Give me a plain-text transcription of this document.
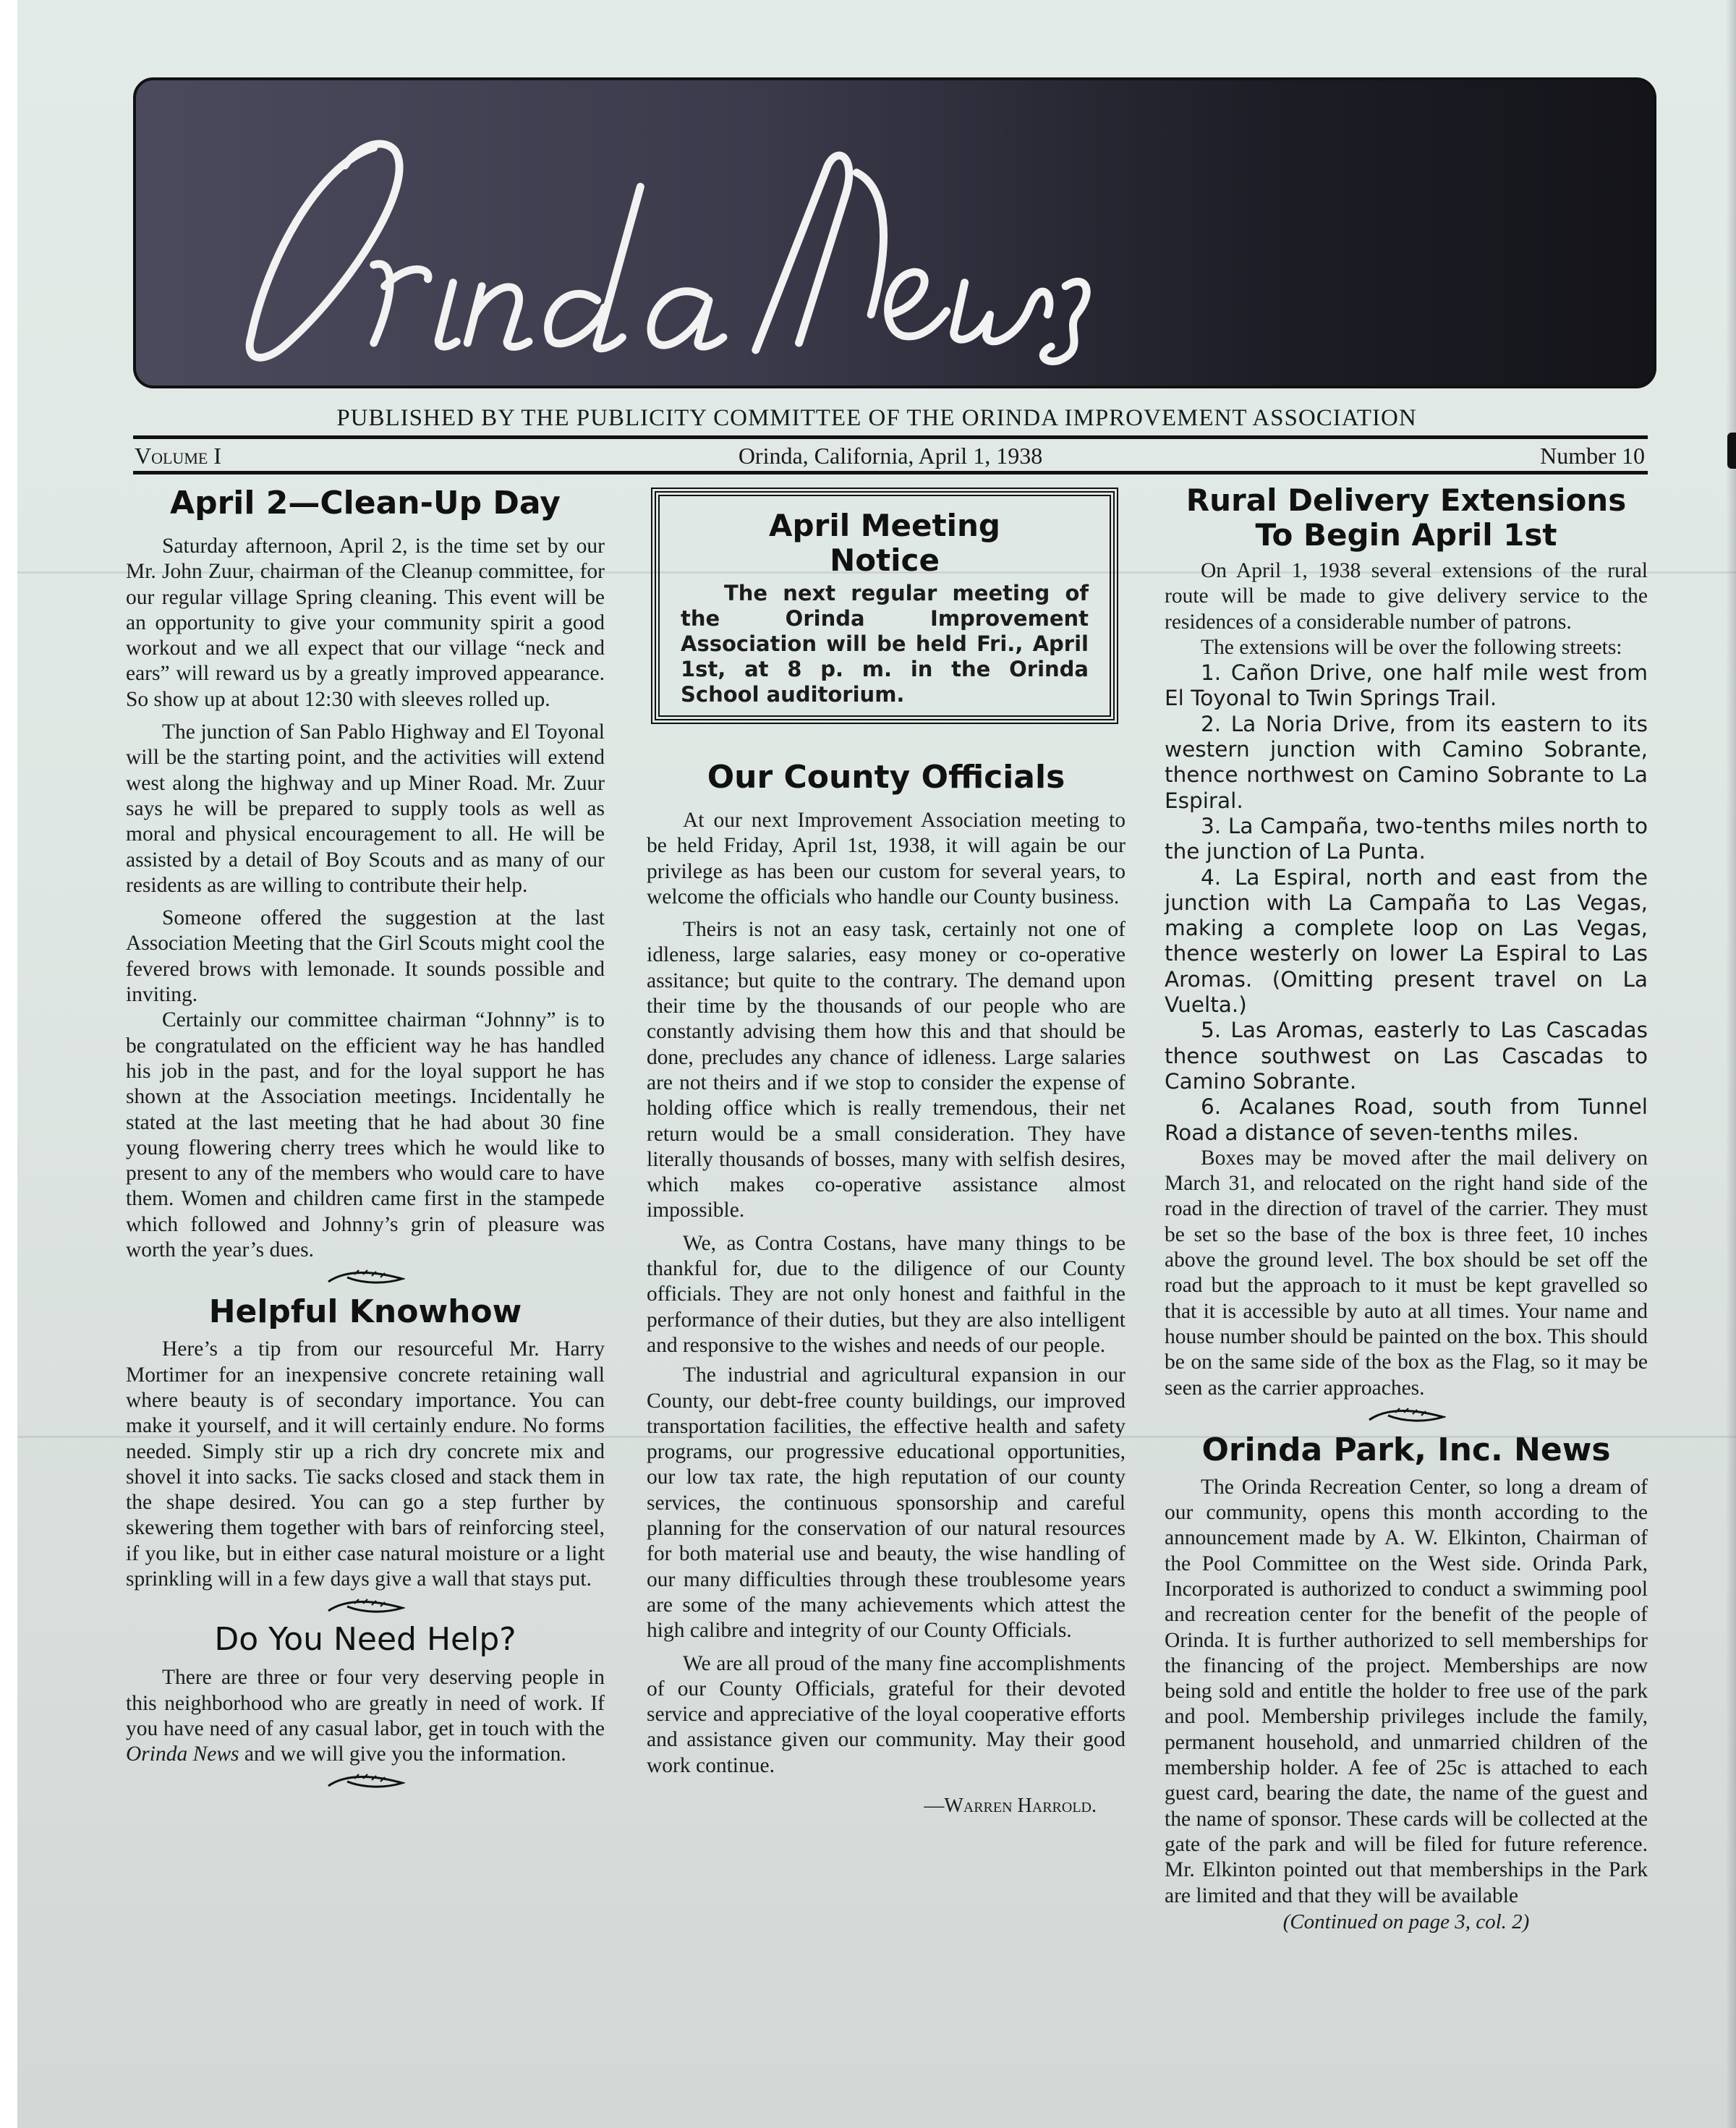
PUBLISHED BY THE PUBLICITY COMMITTEE OF THE ORINDA IMPROVEMENT ASSOCIATION
Volume I	Orinda, California, April 1, 1938	Number 10
April 2—Clean-Up Day

Saturday afternoon, April 2, is the time set by our Mr. John Zuur, chairman of the Cleanup committee, for our regular village Spring cleaning. This event will be an opportunity to give your community spirit a good workout and we all expect that our village “neck and ears” will reward us by a greatly improved appearance. So show up at about 12:30 with sleeves rolled up.

The junction of San Pablo Highway and El Toyonal will be the starting point, and the activities will extend west along the highway and up Miner Road. Mr. Zuur says he will be prepared to supply tools as well as moral and physical encouragement to all. He will be assisted by a detail of Boy Scouts and as many of our residents as are willing to contribute their help.

Someone offered the suggestion at the last Association Meeting that the Girl Scouts might cool the fevered brows with lemonade. It sounds possible and inviting.

Certainly our committee chairman “Johnny” is to be congratulated on the efficient way he has handled his job in the past, and for the loyal support he has shown at the Association meetings. Incidentally he stated at the last meeting that he had about 30 fine young flowering cherry trees which he would like to present to any of the members who would care to have them. Women and children came first in the stampede which followed and Johnny’s grin of pleasure was worth the year’s dues.

Helpful Knowhow

Here’s a tip from our resourceful Mr. Harry Mortimer for an inexpensive concrete retaining wall where beauty is of secondary importance. You can make it yourself, and it will certainly endure. No forms needed. Simply stir up a rich dry concrete mix and shovel it into sacks. Tie sacks closed and stack them in the shape desired. You can go a step further by skewering them together with bars of reinforcing steel, if you like, but in either case natural moisture or a light sprinkling will in a few days give a wall that stays put.

Do You Need Help?

There are three or four very deserving people in this neighborhood who are greatly in need of work. If you have need of any casual labor, get in touch with the Orinda News and we will give you the information.

April Meeting
Notice

The next regular meeting of the Orinda Improvement Association will be held Fri., April 1st, at 8 p. m. in the Orinda School auditorium.

Our County Officials

At our next Improvement Association meeting to be held Friday, April 1st, 1938, it will again be our privilege as has been our custom for several years, to welcome the officials who handle our County business.

Theirs is not an easy task, certainly not one of idleness, large salaries, easy money or co-operative assitance; but quite to the contrary. The demand upon their time by the thousands of our people who are constantly advising them how this and that should be done, precludes any chance of idleness. Large salaries are not theirs and if we stop to consider the expense of holding office which is really tremendous, their net return would be a small consideration. They have literally thousands of bosses, many with selfish desires, which makes co-operative assistance almost impossible.

We, as Contra Costans, have many things to be thankful for, due to the diligence of our County officials. They are not only honest and faithful in the performance of their duties, but they are also intelligent and responsive to the wishes and needs of our people.

The industrial and agricultural expansion in our County, our debt-free county buildings, our improved transportation facilities, the effective health and safety programs, our progressive educational opportunities, our low tax rate, the high reputation of our county services, the continuous sponsorship and careful planning for the conservation of our natural resources for both material use and beauty, the wise handling of our many difficulties through these troublesome years are some of the many achievements which attest the high calibre and integrity of our County Officials.

We are all proud of the many fine accomplishments of our County Officials, grateful for their devoted service and appreciative of the loyal cooperative efforts and assistance given our community. May their good work continue.

—Warren Harrold.
Rural Delivery Extensions
To Begin April 1st

On April 1, 1938 several extensions of the rural route will be made to give delivery service to the residences of a considerable number of patrons.

The extensions will be over the following streets:

1. Cañon Drive, one half mile west from El Toyonal to Twin Springs Trail.

2. La Noria Drive, from its eastern to its western junction with Camino Sobrante, thence northwest on Camino Sobrante to La Espiral.

3. La Campaña, two-tenths miles north to the junction of La Punta.

4. La Espiral, north and east from the junction with La Campaña to Las Vegas, making a complete loop on Las Vegas, thence westerly on lower La Espiral to Las Aromas. (Omitting present travel on La Vuelta.)

5. Las Aromas, easterly to Las Cascadas thence southwest on Las Cascadas to Camino Sobrante.

6. Acalanes Road, south from Tunnel Road a distance of seven-tenths miles.

Boxes may be moved after the mail delivery on March 31, and relocated on the right hand side of the road in the direction of travel of the carrier. They must be set so the base of the box is three feet, 10 inches above the ground level. The box should be set off the road but the approach to it must be kept gravelled so that it is accessible by auto at all times. Your name and house number should be painted on the box. This should be on the same side of the box as the Flag, so it may be seen as the carrier approaches.

Orinda Park, Inc. News

The Orinda Recreation Center, so long a dream of our community, opens this month according to the announcement made by A. W. Elkinton, Chairman of the Pool Committee on the West side. Orinda Park, Incorporated is authorized to conduct a swimming pool and recreation center for the benefit of the people of Orinda. It is further authorized to sell memberships for the financing of the project. Memberships are now being sold and entitle the holder to free use of the park and pool. Membership privileges include the family, permanent household, and unmarried children of the membership holder. A fee of 25c is attached to each guest card, bearing the date, the name of the guest and the name of sponsor. These cards will be collected at the gate of the park and will be filed for future reference. Mr. Elkinton pointed out that memberships in the Park are limited and that they will be available

(Continued on page 3, col. 2)
